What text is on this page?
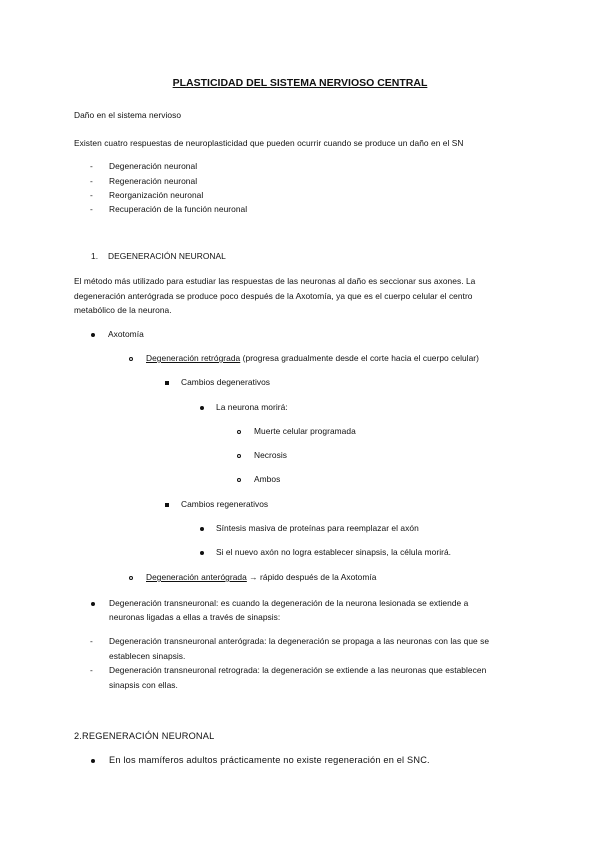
PLASTICIDAD DEL SISTEMA NERVIOSO CENTRAL
Daño en el sistema nervioso
Existen cuatro respuestas de neuroplasticidad que pueden ocurrir cuando se produce un daño en el SN
- Degeneración neuronal
- Regeneración neuronal
- Reorganización neuronal
- Recuperación de la función neuronal
1. DEGENERACIÓN NEURONAL
El método más utilizado para estudiar las respuestas de las neuronas al daño es seccionar sus axones. La
degeneración anterógrada se produce poco después de la Axotomía, ya que es el cuerpo celular el centro
metabólico de la neurona.
Axotomía
Degeneración retrógrada (progresa gradualmente desde el corte hacia el cuerpo celular)
Cambios degenerativos
La neurona morirá:
Muerte celular programada
Necrosis
Ambos
Cambios regenerativos
Síntesis masiva de proteínas para reemplazar el axón
Si el nuevo axón no logra establecer sinapsis, la célula morirá.
Degeneración anterógrada → rápido después de la Axotomía
Degeneración transneuronal: es cuando la degeneración de la neurona lesionada se extiende a
neuronas ligadas a ellas a través de sinapsis:
- Degeneración transneuronal anterógrada: la degeneración se propaga a las neuronas con las que se
establecen sinapsis.
- Degeneración transneuronal retrograda: la degeneración se extiende a las neuronas que establecen
sinapsis con ellas.
2.REGENERACIÓN NEURONAL
En los mamíferos adultos prácticamente no existe regeneración en el SNC.
